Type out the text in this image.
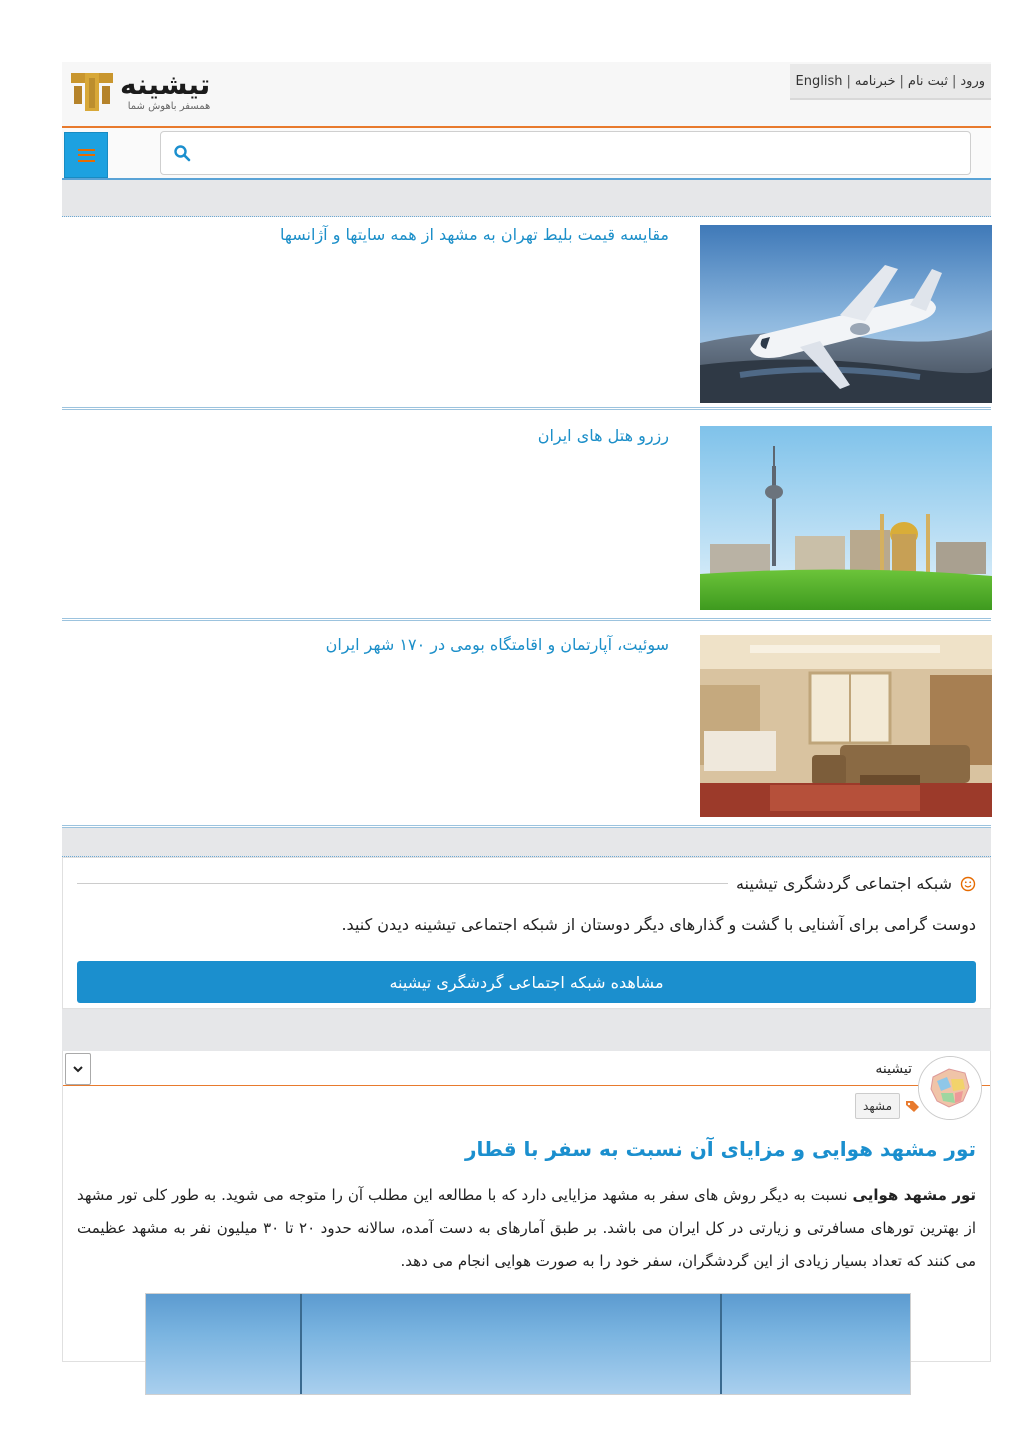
ورود
|
ثبت نام
|
خبرنامه
|
English
تیشینه
همسفر باهوش شما
مقایسه قیمت بلیط تهران به مشهد از همه سایتها و آژانسها
رزرو هتل های ایران
سوئیت، آپارتمان و اقامتگاه بومی در ۱۷۰ شهر ایران
شبکه اجتماعی گردشگری تیشینه
دوست گرامی برای آشنایی با گشت و گذارهای دیگر دوستان از شبکه اجتماعی تیشینه دیدن کنید.
مشاهده شبکه اجتماعی گردشگری تیشینه
تیشینه
مشهد
تور مشهد هوایی و مزایای آن نسبت به سفر با قطار

تور مشهد هوایی نسبت به دیگر روش های سفر به مشهد مزایایی دارد که با مطالعه این مطلب آن را متوجه می شوید. به طور کلی تور مشهد از بهترین تورهای مسافرتی و زیارتی در کل ایران می باشد. بر طبق آمارهای به دست آمده، سالانه حدود ۲۰ تا ۳۰ میلیون نفر به مشهد عظیمت می کنند که تعداد بسیار زیادی از این گردشگران، سفر خود را به صورت هوایی انجام می دهد.
